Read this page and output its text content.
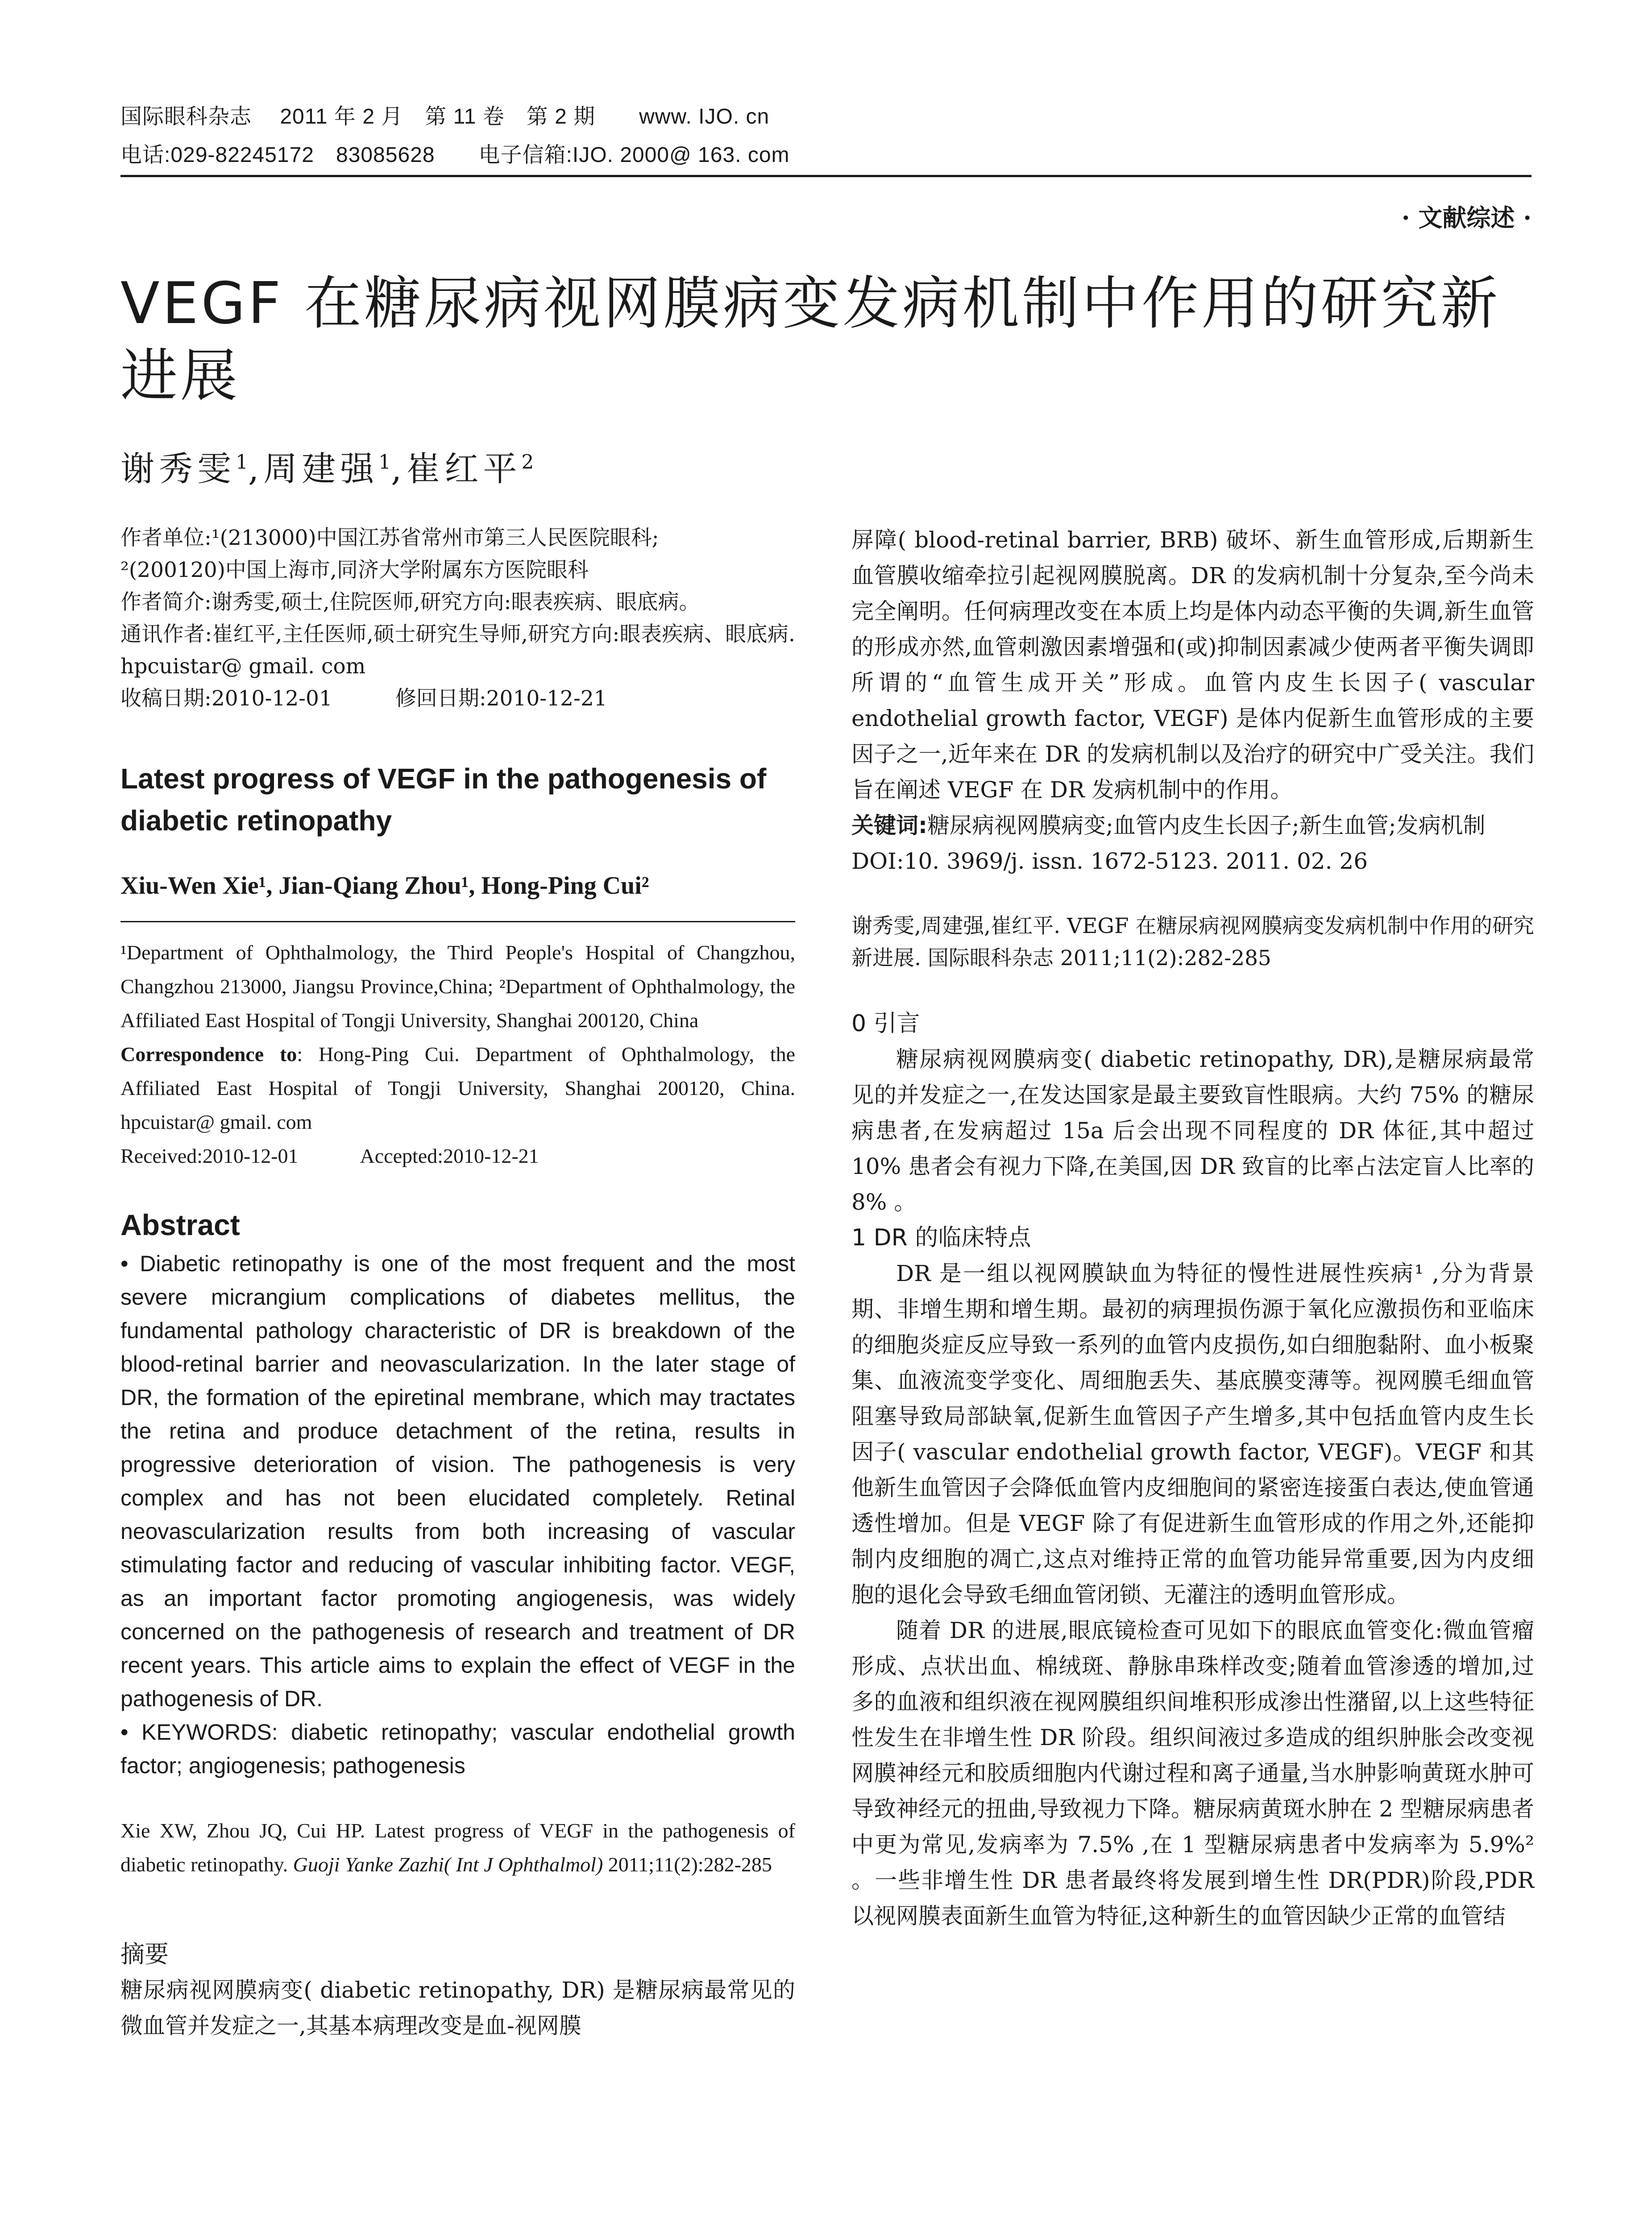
国际眼科杂志　 2011 年 2 月　第 11 卷　第 2 期　　www. IJO. cn
电话:029-82245172　83085628　　电子信箱:IJO. 2000@ 163. com
· 文献综述 ·
VEGF 在糖尿病视网膜病变发病机制中作用的研究新进展
谢秀雯$^1$,周建强$^1$,崔红平$^2$
作者单位:¹(213000)中国江苏省常州市第三人民医院眼科;
²(200120)中国上海市,同济大学附属东方医院眼科
作者简介:谢秀雯,硕士,住院医师,研究方向:眼表疾病、眼底病。
通讯作者:崔红平,主任医师,硕士研究生导师,研究方向:眼表疾病、眼底病. hpcuistar@ gmail. com
收稿日期:2010-12-01　　　修回日期:2010-12-21
Latest progress of VEGF in the pathogenesis of diabetic retinopathy
Xiu-Wen Xie¹, Jian-Qiang Zhou¹, Hong-Ping Cui²
¹Department of Ophthalmology, the Third People's Hospital of Changzhou, Changzhou 213000, Jiangsu Province,China; ²Department of Ophthalmology, the Affiliated East Hospital of Tongji University, Shanghai 200120, China
Correspondence to: Hong-Ping Cui. Department of Ophthalmology, the Affiliated East Hospital of Tongji University, Shanghai 200120, China. hpcuistar@ gmail. com
Received:2010-12-01　　　Accepted:2010-12-21
Abstract
• Diabetic retinopathy is one of the most frequent and the most severe micrangium complications of diabetes mellitus, the fundamental pathology characteristic of DR is breakdown of the blood-retinal barrier and neovascularization. In the later stage of DR, the formation of the epiretinal membrane, which may tractates the retina and produce detachment of the retina, results in progressive deterioration of vision. The pathogenesis is very complex and has not been elucidated completely. Retinal neovascularization results from both increasing of vascular stimulating factor and reducing of vascular inhibiting factor. VEGF, as an important factor promoting angiogenesis, was widely concerned on the pathogenesis of research and treatment of DR recent years. This article aims to explain the effect of VEGF in the pathogenesis of DR.
• KEYWORDS: diabetic retinopathy; vascular endothelial growth factor; angiogenesis; pathogenesis
Xie XW, Zhou JQ, Cui HP. Latest progress of VEGF in the pathogenesis of diabetic retinopathy. Guoji Yanke Zazhi( Int J Ophthalmol) 2011;11(2):282-285
摘要
糖尿病视网膜病变( diabetic retinopathy, DR) 是糖尿病最常见的微血管并发症之一,其基本病理改变是血-视网膜
屏障( blood-retinal barrier, BRB) 破坏、新生血管形成,后期新生血管膜收缩牵拉引起视网膜脱离。DR 的发病机制十分复杂,至今尚未完全阐明。任何病理改变在本质上均是体内动态平衡的失调,新生血管的形成亦然,血管刺激因素增强和(或)抑制因素减少使两者平衡失调即所谓的“血管生成开关”形成。血管内皮生长因子( vascular endothelial growth factor, VEGF) 是体内促新生血管形成的主要因子之一,近年来在 DR 的发病机制以及治疗的研究中广受关注。我们旨在阐述 VEGF 在 DR 发病机制中的作用。
关键词:糖尿病视网膜病变;血管内皮生长因子;新生血管;发病机制
DOI:10. 3969/j. issn. 1672-5123. 2011. 02. 26
谢秀雯,周建强,崔红平. VEGF 在糖尿病视网膜病变发病机制中作用的研究新进展. 国际眼科杂志 2011;11(2):282-285
0 引言
糖尿病视网膜病变( diabetic retinopathy, DR),是糖尿病最常见的并发症之一,在发达国家是最主要致盲性眼病。大约 75% 的糖尿病患者,在发病超过 15a 后会出现不同程度的 DR 体征,其中超过 10% 患者会有视力下降,在美国,因 DR 致盲的比率占法定盲人比率的 8% 。
1 DR 的临床特点
DR 是一组以视网膜缺血为特征的慢性进展性疾病¹ ,分为背景期、非增生期和增生期。最初的病理损伤源于氧化应激损伤和亚临床的细胞炎症反应导致一系列的血管内皮损伤,如白细胞黏附、血小板聚集、血液流变学变化、周细胞丢失、基底膜变薄等。视网膜毛细血管阻塞导致局部缺氧,促新生血管因子产生增多,其中包括血管内皮生长因子( vascular endothelial growth factor, VEGF)。VEGF 和其他新生血管因子会降低血管内皮细胞间的紧密连接蛋白表达,使血管通透性增加。但是 VEGF 除了有促进新生血管形成的作用之外,还能抑制内皮细胞的凋亡,这点对维持正常的血管功能异常重要,因为内皮细胞的退化会导致毛细血管闭锁、无灌注的透明血管形成。
随着 DR 的进展,眼底镜检查可见如下的眼底血管变化:微血管瘤形成、点状出血、棉绒斑、静脉串珠样改变;随着血管渗透的增加,过多的血液和组织液在视网膜组织间堆积形成渗出性潴留,以上这些特征性发生在非增生性 DR 阶段。组织间液过多造成的组织肿胀会改变视网膜神经元和胶质细胞内代谢过程和离子通量,当水肿影响黄斑水肿可导致神经元的扭曲,导致视力下降。糖尿病黄斑水肿在 2 型糖尿病患者中更为常见,发病率为 7.5% ,在 1 型糖尿病患者中发病率为 5.9%² 。一些非增生性 DR 患者最终将发展到增生性 DR(PDR)阶段,PDR 以视网膜表面新生血管为特征,这种新生的血管因缺少正常的血管结
